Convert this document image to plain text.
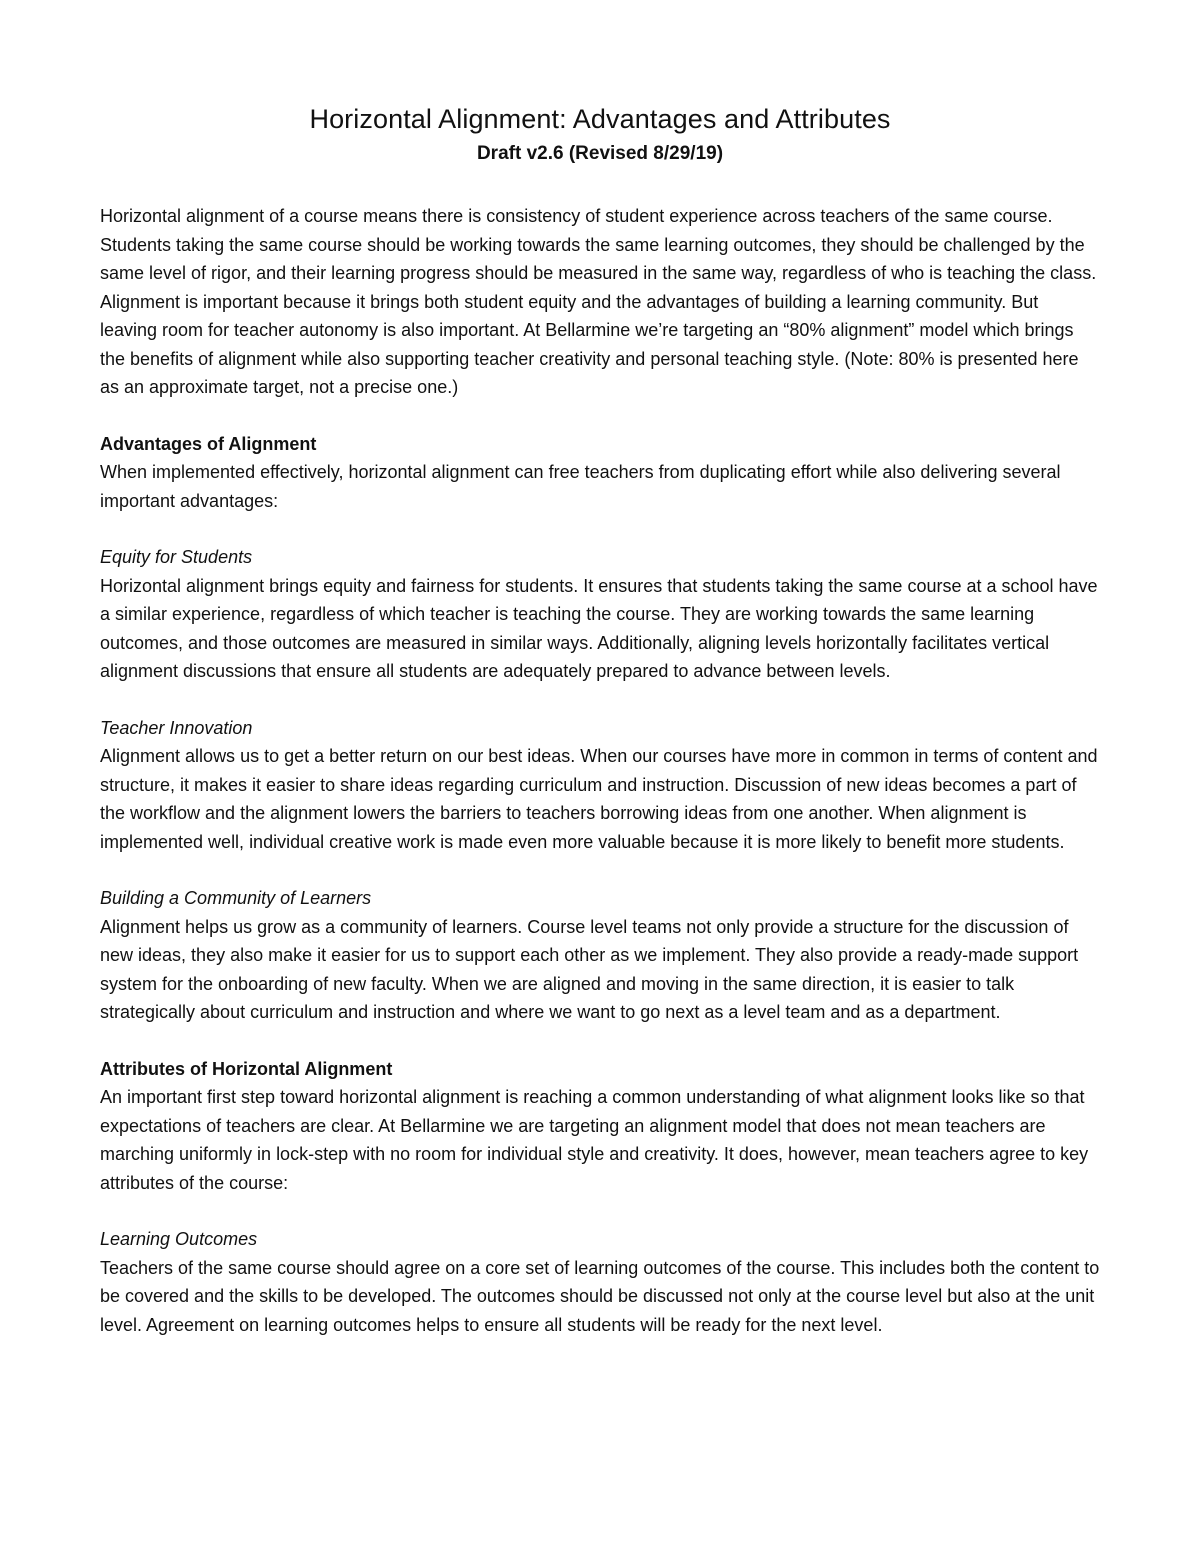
Horizontal Alignment: Advantages and Attributes

Draft v2.6 (Revised 8/29/19)

Horizontal alignment of a course means there is consistency of student experience across teachers of the same course. Students taking the same course should be working towards the same learning outcomes, they should be challenged by the same level of rigor, and their learning progress should be measured in the same way, regardless of who is teaching the class. Alignment is important because it brings both student equity and the advantages of building a learning community. But leaving room for teacher autonomy is also important. At Bellarmine we’re targeting an “80% alignment” model which brings the benefits of alignment while also supporting teacher creativity and personal teaching style. (Note: 80% is presented here as an approximate target, not a precise one.)

Advantages of Alignment

When implemented effectively, horizontal alignment can free teachers from duplicating effort while also delivering several important advantages:

Equity for Students

Horizontal alignment brings equity and fairness for students. It ensures that students taking the same course at a school have a similar experience, regardless of which teacher is teaching the course. They are working towards the same learning outcomes, and those outcomes are measured in similar ways. Additionally, aligning levels horizontally facilitates vertical alignment discussions that ensure all students are adequately prepared to advance between levels.

Teacher Innovation

Alignment allows us to get a better return on our best ideas. When our courses have more in common in terms of content and structure, it makes it easier to share ideas regarding curriculum and instruction. Discussion of new ideas becomes a part of the workflow and the alignment lowers the barriers to teachers borrowing ideas from one another. When alignment is implemented well, individual creative work is made even more valuable because it is more likely to benefit more students.

Building a Community of Learners

Alignment helps us grow as a community of learners. Course level teams not only provide a structure for the discussion of new ideas, they also make it easier for us to support each other as we implement. They also provide a ready-made support system for the onboarding of new faculty. When we are aligned and moving in the same direction, it is easier to talk strategically about curriculum and instruction and where we want to go next as a level team and as a department.

Attributes of Horizontal Alignment

An important first step toward horizontal alignment is reaching a common understanding of what alignment looks like so that expectations of teachers are clear. At Bellarmine we are targeting an alignment model that does not mean teachers are marching uniformly in lock-step with no room for individual style and creativity. It does, however, mean teachers agree to key attributes of the course:

Learning Outcomes

Teachers of the same course should agree on a core set of learning outcomes of the course. This includes both the content to be covered and the skills to be developed. The outcomes should be discussed not only at the course level but also at the unit level. Agreement on learning outcomes helps to ensure all students will be ready for the next level.
